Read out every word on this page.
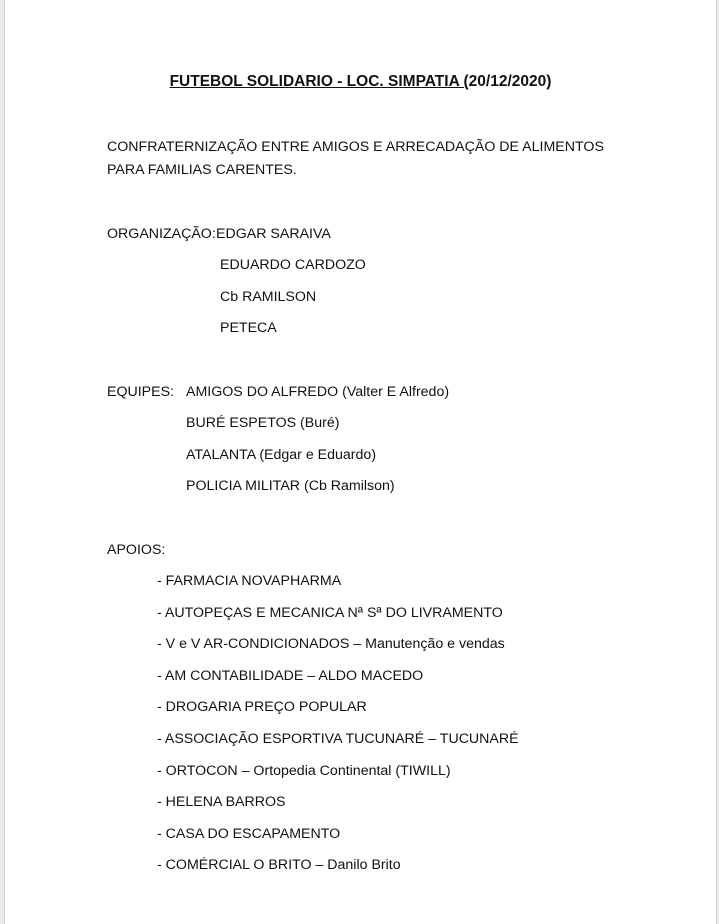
FUTEBOL SOLIDARIO - LOC. SIMPATIA (20/12/2020)
CONFRATERNIZAÇÃO ENTRE AMIGOS E ARRECADAÇÃO DE ALIMENTOS
PARA FAMILIAS CARENTES.
ORGANIZAÇÃO: EDGAR SARAIVA
EDUARDO CARDOZO
Cb RAMILSON
PETECA
EQUIPES: AMIGOS DO ALFREDO (Valter E Alfredo)
BURÉ ESPETOS (Buré)
ATALANTA (Edgar e Eduardo)
POLICIA MILITAR (Cb Ramilson)
APOIOS:
- FARMACIA NOVAPHARMA
- AUTOPEÇAS E MECANICA Nª Sª DO LIVRAMENTO
- V e V AR-CONDICIONADOS – Manutenção e vendas
- AM CONTABILIDADE – ALDO MACEDO
- DROGARIA PREÇO POPULAR
- ASSOCIAÇÃO ESPORTIVA TUCUNARÉ – TUCUNARÉ
- ORTOCON – Ortopedia Continental (TIWILL)
- HELENA BARROS
- CASA DO ESCAPAMENTO
- COMÉRCIAL O BRITO – Danilo Brito
